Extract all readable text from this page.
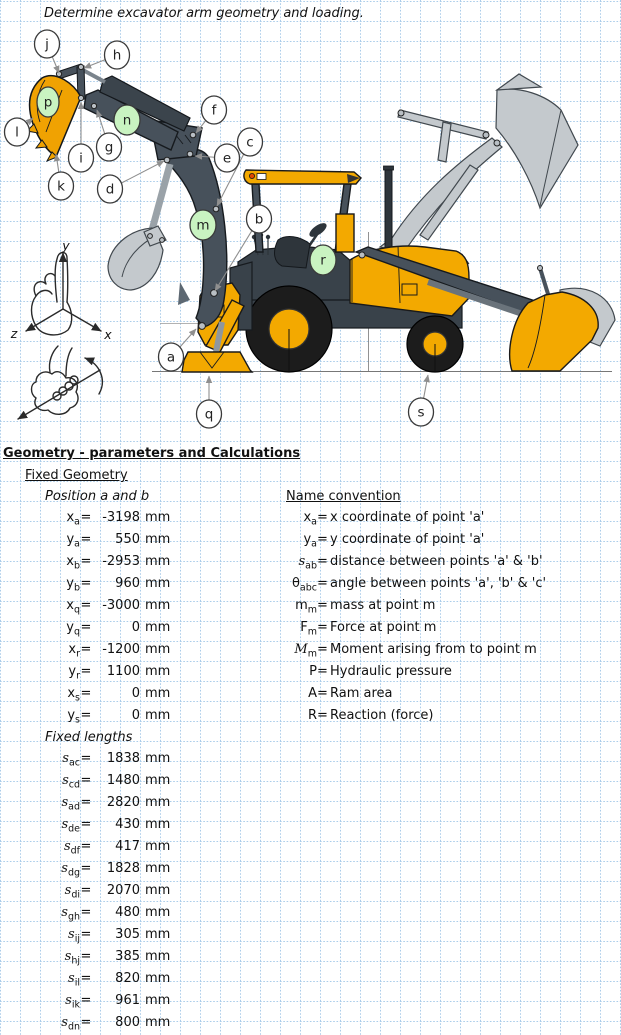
Determine excavator arm geometry and loading.
y
z	x
j
h
p
n
f
c
e
l
g
i
k	d
b
m
r
a
q	s
Geometry - parameters and Calculations
Fixed Geometry
Position a and b	Name convention
Fixed lengths
$x_a = -3198$ mm
$y_a$ =	550 mm
$x_b = -2953$ mm
$y_b$ =	960 mm
$x_q = -3000$ mm
$y_q$ =	0 mm
$x_r = -1200$ mm
$y_r$ =	1100 mm
$x_s$ =	0 mm
$y_s$ =	0 mm
$x_a = x$ coordinate of point 'a'
$y_a = y$ coordinate of point 'a'
$s_{ab}$ = distance between points 'a' & 'b'
$\theta_{abc}$ = angle between points 'a', 'b' & 'c'
$m_m$ = mass at point m
$F_m$ = Force at point m
$M_m$ = Moment arising from to point m
P = Hydraulic pressure
A = Ram area
R = Reaction (force)
$s_{ac}$ =	1838 mm
$s_{cd}$ =	1480 mm
$s_{ad}$ =	2820 mm
$s_{de}$ =	430 mm
$s_{df}$ =	417 mm
$s_{dg}$ =	1828 mm
$s_{di}$ =	2070 mm
$s_{gh}$ =	480 mm
$s_{ij}$ =	305 mm
$s_{hj}$ =	385 mm
$s_{il}$ =	820 mm
$s_{ik}$ =	961 mm
$s_{dn}$ =	800 mm
